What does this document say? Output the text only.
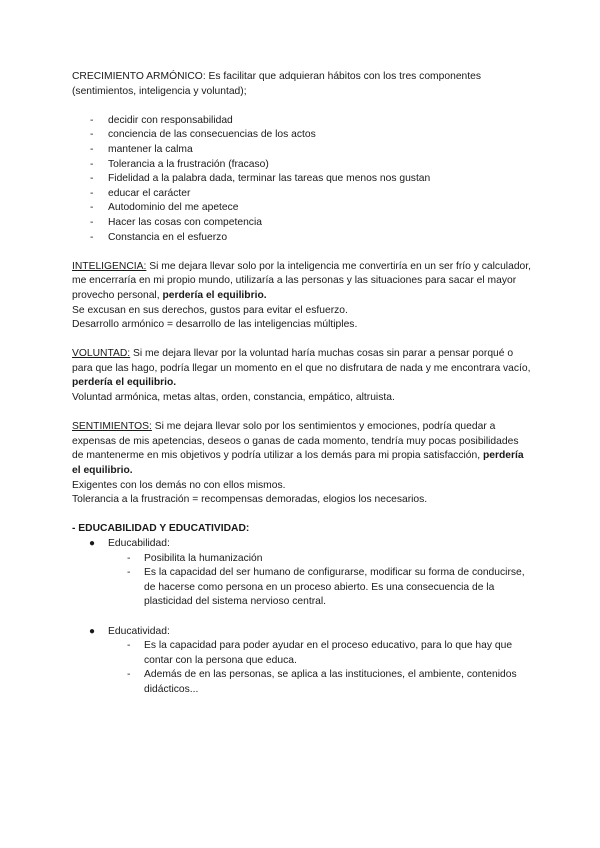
CRECIMIENTO ARMÓNICO: Es facilitar que adquieran hábitos con los tres componentes (sentimientos, inteligencia y voluntad);

- decidir con responsabilidad
- conciencia de las consecuencias de los actos
- mantener la calma
- Tolerancia a la frustración (fracaso)
- Fidelidad a la palabra dada, terminar las tareas que menos nos gustan
- educar el carácter
- Autodominio del me apetece
- Hacer las cosas con competencia
- Constancia en el esfuerzo

INTELIGENCIA: Si me dejara llevar solo por la inteligencia me convertiría en un ser frío y calculador, me encerraría en mi propio mundo, utilizaría a las personas y las situaciones para sacar el mayor provecho personal, perdería el equilibrio.

Se excusan en sus derechos, gustos para evitar el esfuerzo.

Desarrollo armónico = desarrollo de las inteligencias múltiples.

VOLUNTAD: Si me dejara llevar por la voluntad haría muchas cosas sin parar a pensar porqué o para que las hago, podría llegar un momento en el que no disfrutara de nada y me encontrara vacío, perdería el equilibrio.

Voluntad armónica, metas altas, orden, constancia, empático, altruista.

SENTIMIENTOS: Si me dejara llevar solo por los sentimientos y emociones, podría quedar a expensas de mis apetencias, deseos o ganas de cada momento, tendría muy pocas posibilidades de mantenerme en mis objetivos y podría utilizar a los demás para mi propia satisfacción, perdería el equilibrio.

Exigentes con los demás no con ellos mismos.

Tolerancia a la frustración = recompensas demoradas, elogios los necesarios.

- EDUCABILIDAD Y EDUCATIVIDAD:

● Educabilidad:
- Posibilita la humanización
- Es la capacidad del ser humano de configurarse, modificar su forma de conducirse, de hacerse como persona en un proceso abierto. Es una consecuencia de la plasticidad del sistema nervioso central.
● Educatividad:
- Es la capacidad para poder ayudar en el proceso educativo, para lo que hay que contar con la persona que educa.
- Además de en las personas, se aplica a las instituciones, el ambiente, contenidos didácticos...
